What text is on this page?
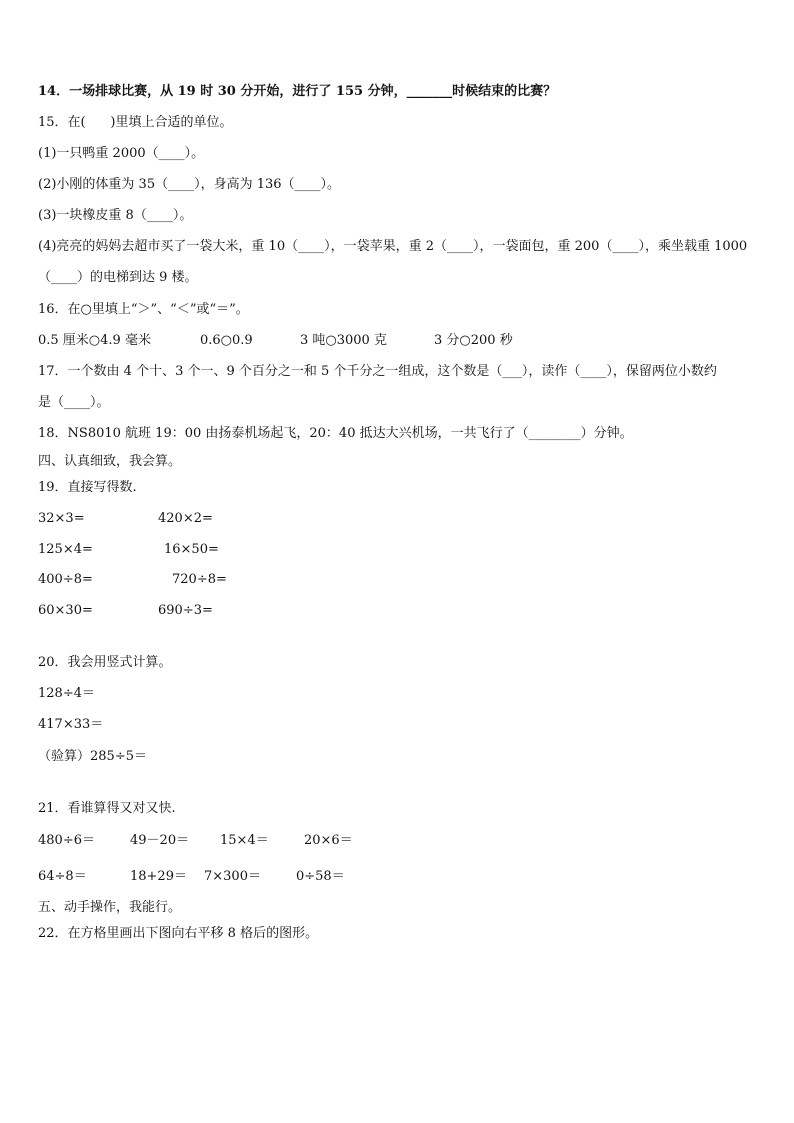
14．一场排球比赛，从 19 时 30 分开始，进行了 155 分钟，_______时候结束的比赛？
15．在(      )里填上合适的单位。
(1)一只鸭重 2000（____）。
(2)小刚的体重为 35（____），身高为 136（____）。
(3)一块橡皮重 8（____）。
(4)亮亮的妈妈去超市买了一袋大米，重 10（____），一袋苹果，重 2（____），一袋面包，重 200（____），乘坐载重 1000
（____）的电梯到达 9 楼。
16．在○里填上“＞”、“＜”或“＝”。
0.5 厘米○4.9 毫米	0.6○0.9	3 吨○3000 克	3 分○200 秒
17．一个数由 4 个十、3 个一、9 个百分之一和 5 个千分之一组成，这个数是（___），读作（____），保留两位小数约
是（____）。
18．NS8010 航班 19：00 由扬泰机场起飞，20：40 抵达大兴机场，一共飞行了（________）分钟。
四、认真细致，我会算。
19．直接写得数.
32×3=	420×2=
125×4=	16×50=
400÷8=	720÷8=
60×30=	690÷3=
20．我会用竖式计算。
128÷4＝
417×33＝
（验算）285÷5＝
21．看谁算得又对又快.
480÷6＝	49－20＝ 15×4＝	20×6＝
64÷8＝	18+29＝ 7×300＝	0÷58＝
五、动手操作，我能行。
22．在方格里画出下图向右平移 8 格后的图形。
